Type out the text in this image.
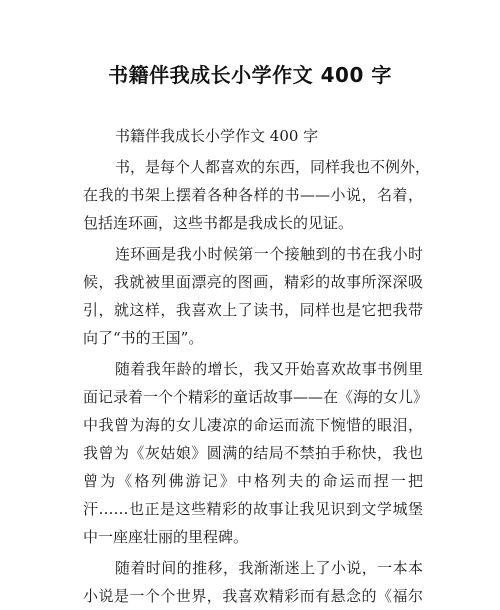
书籍伴我成长小学作文 400 字
书籍伴我成长小学作文 400 字
书，是每个人都喜欢的东西，同样我也不例外，
在我的书架上摆着各种各样的书——小说，名着，
包括连环画，这些书都是我成长的见证。
连环画是我小时候第一个接触到的书在我小时
候，我就被里面漂亮的图画，精彩的故事所深深吸
引，就这样，我喜欢上了读书，同样也是它把我带
向了“书的王国”。
随着我年龄的增长，我又开始喜欢故事书例里
面记录着一个个精彩的童话故事——在《海的女儿》
中我曾为海的女儿凄凉的命运而流下惋惜的眼泪，
我曾为《灰姑娘》圆满的结局不禁拍手称快，我也
曾为《格列佛游记》中格列夫的命运而捏一把
汗……也正是这些精彩的故事让我见识到文学城堡
中一座座壮丽的里程碑。
随着时间的推移，我渐渐迷上了小说，一本本
小说是一个个世界，我喜欢精彩而有悬念的《福尔
